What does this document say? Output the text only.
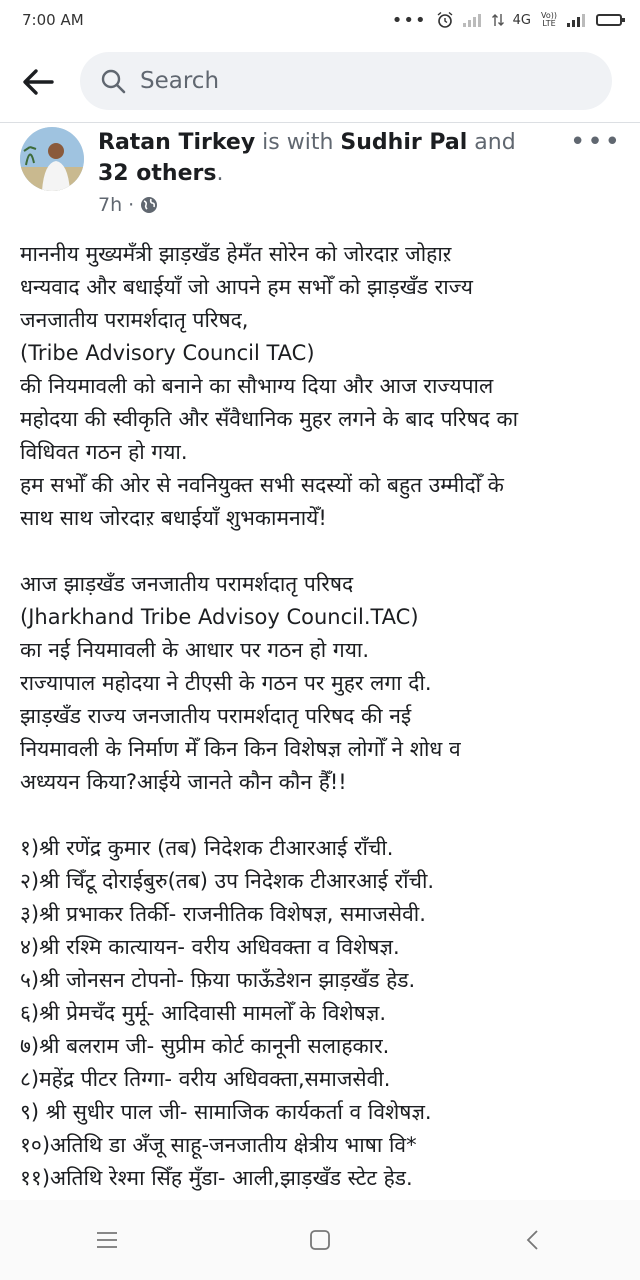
7:00 AM	•••	4G Vo)) LTE
Search
Ratan Tirkey is with Sudhir Pal and 32 others.
•••
7h ·

माननीय मुख्यमँत्री झाड़खँड हेमँत सोरेन को जोरदाऱ जोहाऱ

धन्यवाद और बधाईयाँ जो आपने हम सभोँ को झाड़खँड राज्य

जनजातीय परामर्शदातृ परिषद,

(Tribe Advisory Council TAC)

की नियमावली को बनाने का सौभाग्य दिया और आज राज्यपाल

महोदया की स्वीकृति और सँवैधानिक मुहर लगने के बाद परिषद का

विधिवत गठन हो गया.

हम सभोँ की ओर से नवनियुक्त सभी सदस्यों को बहुत उम्मीदोँ के

साथ साथ जोरदाऱ बधाईयाँ शुभकामनायेँ!

आज झाड़खँड जनजातीय परामर्शदातृ परिषद

(Jharkhand Tribe Advisoy Council.TAC)

का नई नियमावली के आधार पर गठन हो गया.

राज्यापाल महोदया ने टीएसी के गठन पर मुहर लगा दी.

झाड़खँड राज्य जनजातीय परामर्शदातृ परिषद की नई

नियमावली के निर्माण मेँ किन किन विशेषज्ञ लोगोँ ने शोध व

अध्ययन किया?आईये जानते कौन कौन हैँ!!

१)श्री रणेंद्र कुमार (तब) निदेशक टीआरआई राँची.

२)श्री चिँटू दोराईबुरु(तब) उप निदेशक टीआरआई राँची.

३)श्री प्रभाकर तिर्की- राजनीतिक विशेषज्ञ, समाजसेवी.

४)श्री रश्मि कात्यायन- वरीय अधिवक्ता व विशेषज्ञ.

५)श्री जोनसन टोपनो- फ़िया फाऊँडेशन झाड़खँड हेड.

६)श्री प्रेमचँद मुर्मू- आदिवासी मामलोँ के विशेषज्ञ.

७)श्री बलराम जी- सुप्रीम कोर्ट कानूनी सलाहकार.

८)महेंद्र पीटर तिग्गा- वरीय अधिवक्ता,समाजसेवी.

९) श्री सुधीर पाल जी- सामाजिक कार्यकर्ता व विशेषज्ञ.

१०)अतिथि डा अँजू साहू-जनजातीय क्षेत्रीय भाषा वि*

११)अतिथि रेश्मा सिँह मुँडा- आली,झाड़खँड स्टेट हेड.
